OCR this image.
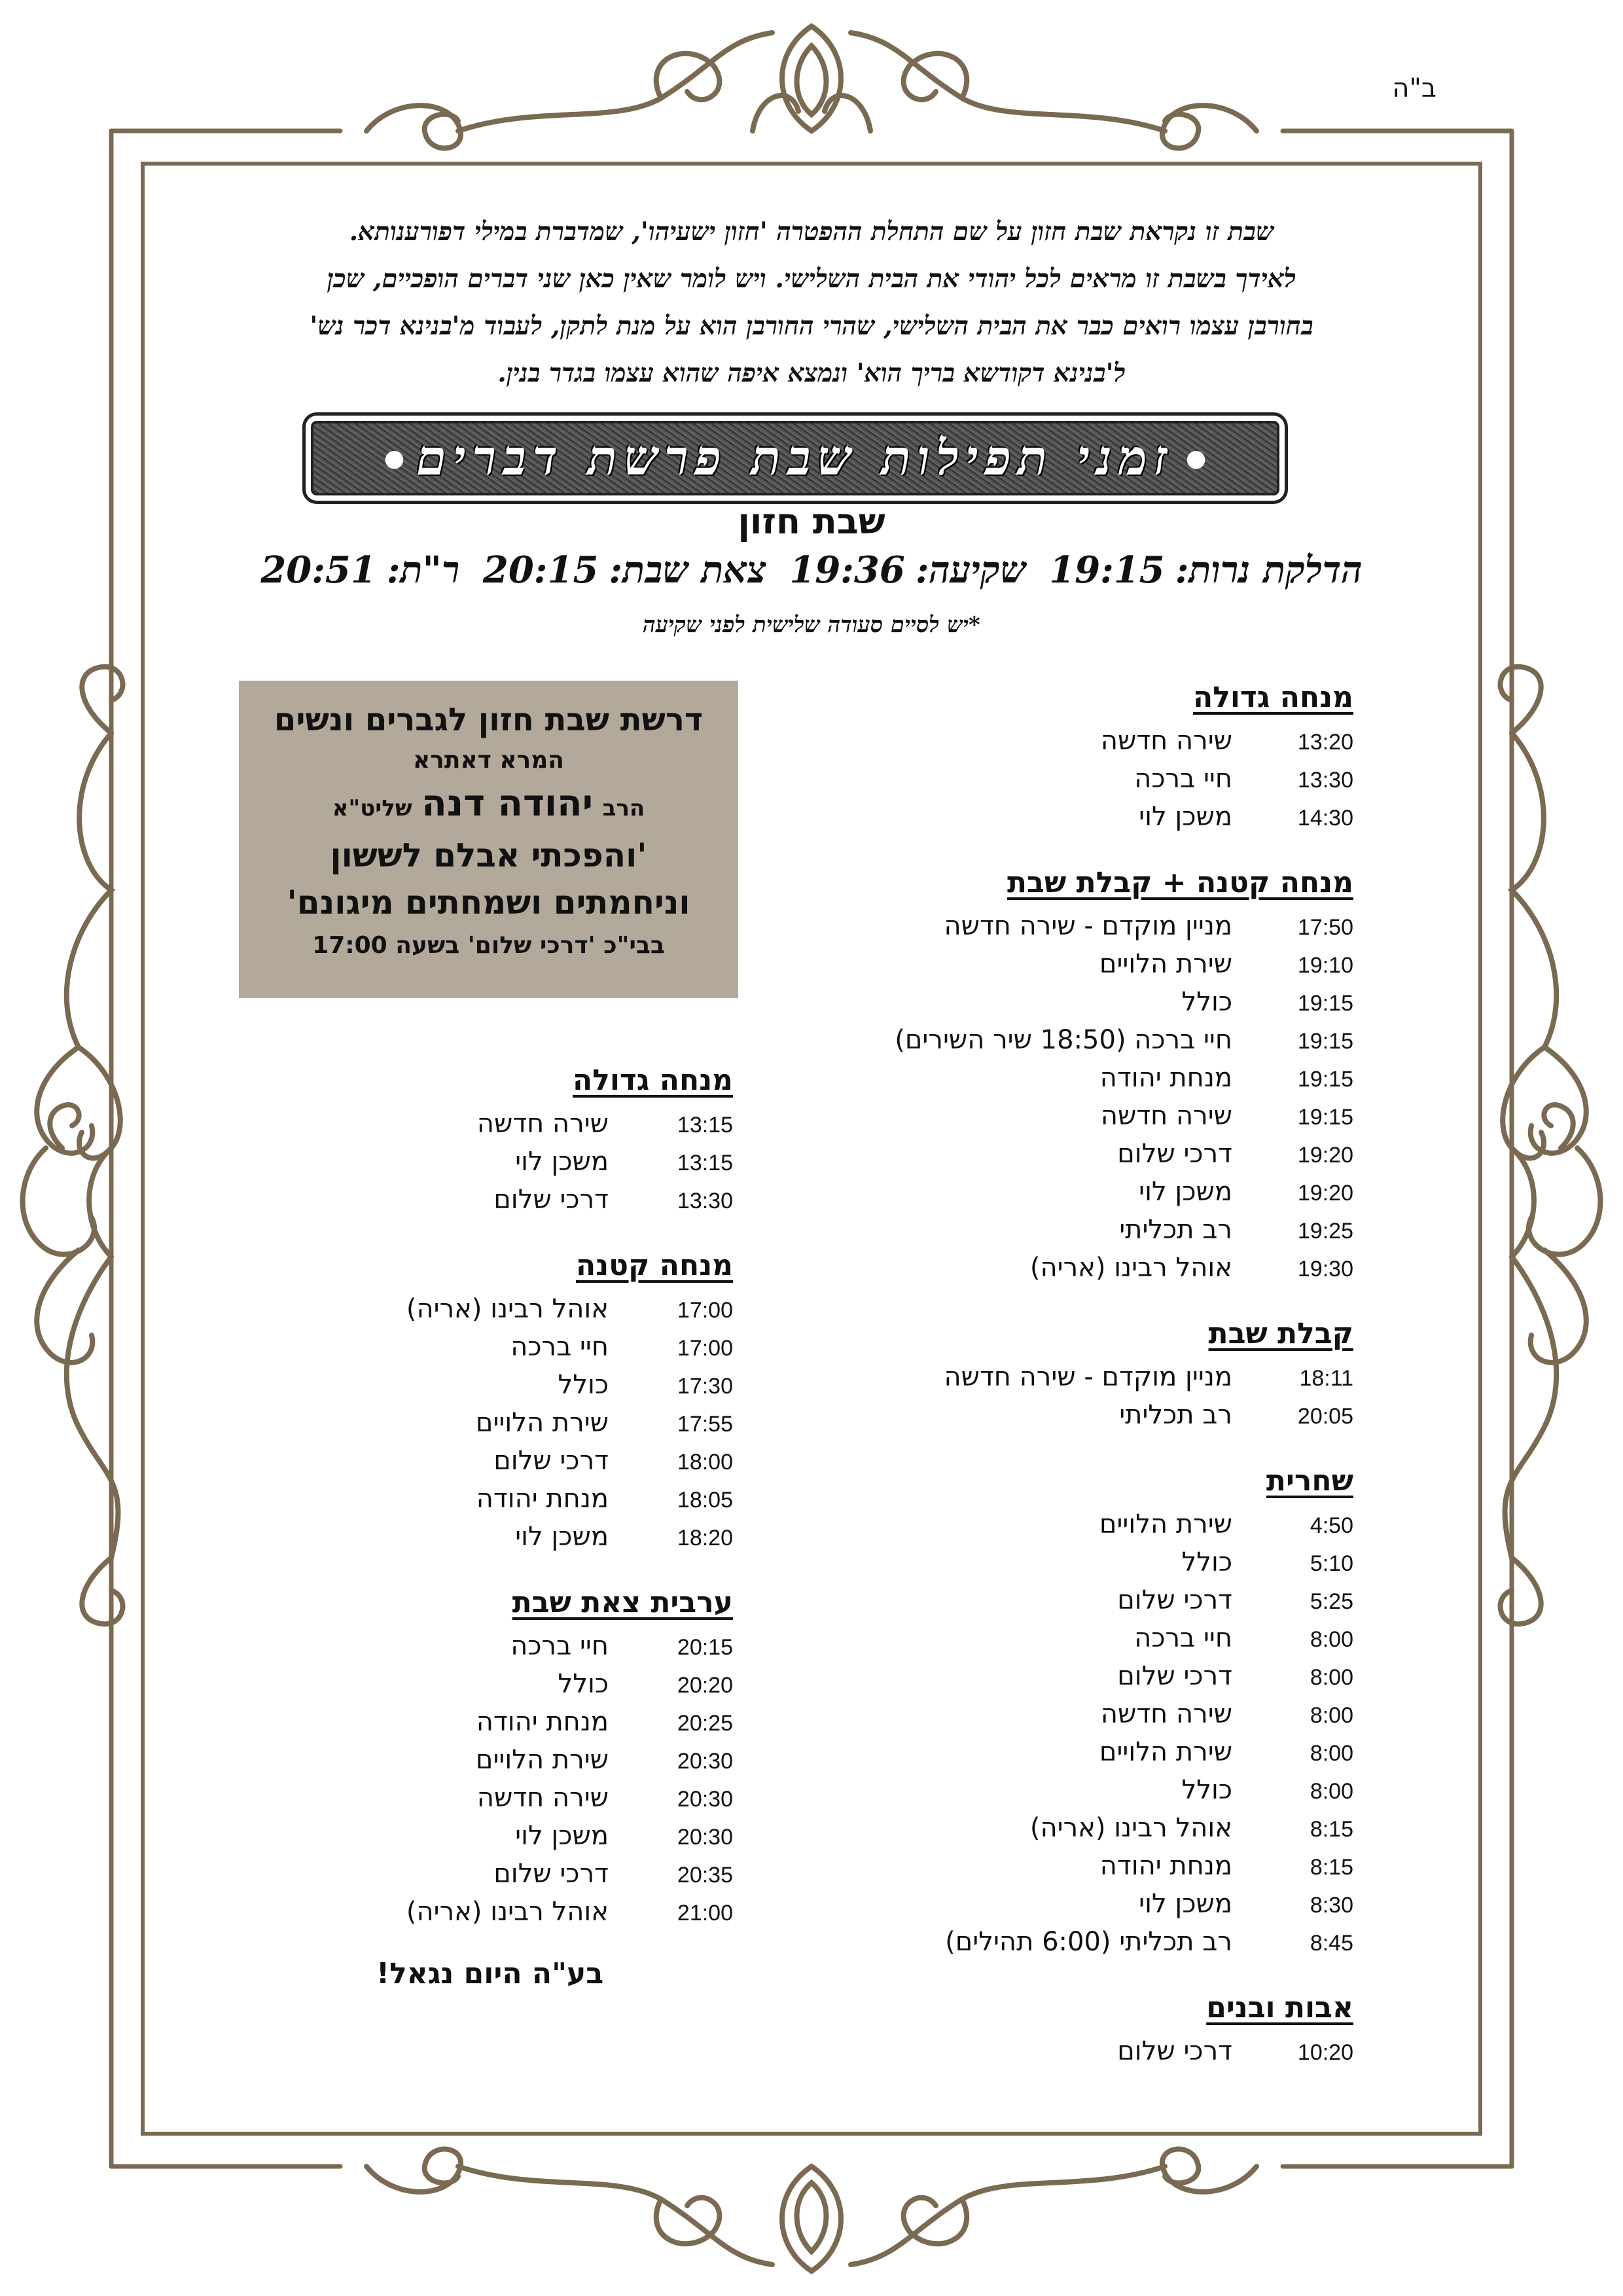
ב"ה

שבת זו נקראת שבת חזון על שם התחלת ההפטרה 'חזון ישעיהו', שמדברת במילי דפורענותא.

לאידך בשבת זו מראים לכל יהודי את הבית השלישי. ויש לומר שאין כאן שני דברים הופכיים, שכן

בחורבן עצמו רואים כבר את הבית השלישי, שהרי החורבן הוא על מנת לתקן, לעבוד מ'בנינא דכר נש'

ל'בנינא דקודשא בריך הוא' ונמצא איפה שהוא עצמו בגדר בנין.

● זמני תפילות שבת פרשת דברים ●
שבת חזון
הדלקת נרות:19:15 שקיעה:19:36 צאת שבת:20:15 ר"ת:20:51
*יש לסיים סעודה שלישית לפני שקיעה
דרשת שבת חזון לגברים ונשים
המרא דאתרא
הרב יהודה דנה שליט"א
'והפכתי אבלם לששון
וניחמתים ושמחתים מיגונם'
בבי"כ 'דרכי שלום' בשעה 17:00
מנחה גדולה
13:20
שירה חדשה
13:30
חיי ברכה
14:30
משכן לוי
מנחה קטנה + קבלת שבת
17:50
מניין מוקדם - שירה חדשה
19:10
שירת הלויים
19:15
כולל
19:15
חיי ברכה (18:50 שיר השירים)
19:15
מנחת יהודה
19:15
שירה חדשה
19:20
דרכי שלום
19:20
משכן לוי
19:25
רב תכליתי
19:30
אוהל רבינו (אריה)
קבלת שבת
18:11
מניין מוקדם - שירה חדשה
20:05
רב תכליתי
שחרית
4:50
שירת הלויים
5:10
כולל
5:25
דרכי שלום
8:00
חיי ברכה
8:00
דרכי שלום
8:00
שירה חדשה
8:00
שירת הלויים
8:00
כולל
8:15
אוהל רבינו (אריה)
8:15
מנחת יהודה
8:30
משכן לוי
8:45
רב תכליתי (6:00 תהילים)
אבות ובנים
10:20
דרכי שלום
מנחה גדולה
13:15
שירה חדשה
13:15
משכן לוי
13:30
דרכי שלום
מנחה קטנה
17:00
אוהל רבינו (אריה)
17:00
חיי ברכה
17:30
כולל
17:55
שירת הלויים
18:00
דרכי שלום
18:05
מנחת יהודה
18:20
משכן לוי
ערבית צאת שבת
20:15
חיי ברכה
20:20
כולל
20:25
מנחת יהודה
20:30
שירת הלויים
20:30
שירה חדשה
20:30
משכן לוי
20:35
דרכי שלום
21:00
אוהל רבינו (אריה)
בע"ה היום נגאל!
